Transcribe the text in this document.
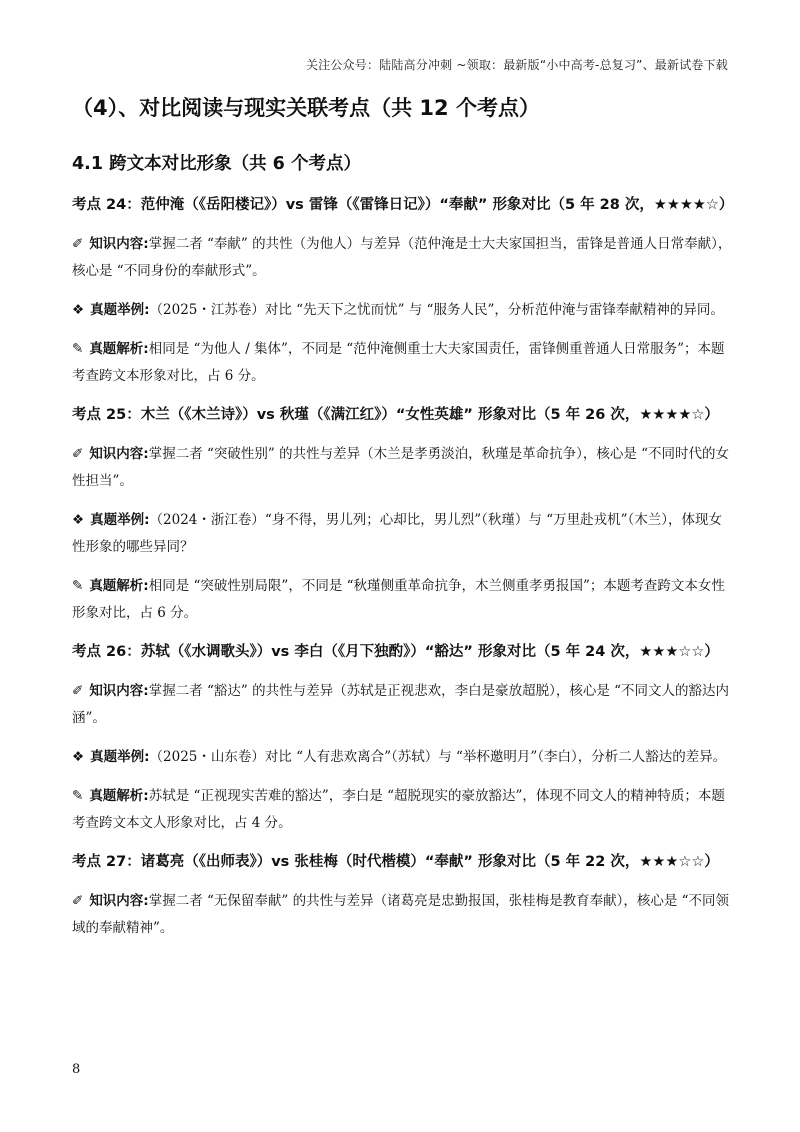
关注公众号：陆陆高分冲刺 ~领取：最新版“小中高考-总复习”、最新试卷下载
（4）、对比阅读与现实关联考点（共 12 个考点）
4.1 跨文本对比形象（共 6 个考点）
考点 24：范仲淹（《岳阳楼记》）vs 雷锋（《雷锋日记》）“奉献” 形象对比（5 年 28 次，★★★★☆）
✐ 知识内容:掌握二者 “奉献” 的共性（为他人）与差异（范仲淹是士大夫家国担当，雷锋是普通人日常奉献），核心是 “不同身份的奉献形式”。
❖ 真题举例:（2025・江苏卷）对比 “先天下之忧而忧” 与 “服务人民”，分析范仲淹与雷锋奉献精神的异同。
✎ 真题解析:相同是 “为他人 / 集体”，不同是 “范仲淹侧重士大夫家国责任，雷锋侧重普通人日常服务”；本题考查跨文本形象对比，占 6 分。
考点 25：木兰（《木兰诗》）vs 秋瑾（《满江红》）“女性英雄” 形象对比（5 年 26 次，★★★★☆）
✐ 知识内容:掌握二者 “突破性别” 的共性与差异（木兰是孝勇淡泊，秋瑾是革命抗争），核心是 “不同时代的女性担当”。
❖ 真题举例:（2024・浙江卷）“身不得，男儿列；心却比，男儿烈”（秋瑾）与 “万里赴戎机”（木兰），体现女性形象的哪些异同？
✎ 真题解析:相同是 “突破性别局限”，不同是 “秋瑾侧重革命抗争，木兰侧重孝勇报国”；本题考查跨文本女性形象对比，占 6 分。
考点 26：苏轼（《水调歌头》）vs 李白（《月下独酌》）“豁达” 形象对比（5 年 24 次，★★★☆☆）
✐ 知识内容:掌握二者 “豁达” 的共性与差异（苏轼是正视悲欢，李白是豪放超脱），核心是 “不同文人的豁达内涵”。
❖ 真题举例:（2025・山东卷）对比 “人有悲欢离合”（苏轼）与 “举杯邀明月”（李白），分析二人豁达的差异。
✎ 真题解析:苏轼是 “正视现实苦难的豁达”，李白是 “超脱现实的豪放豁达”，体现不同文人的精神特质；本题考查跨文本文人形象对比，占 4 分。
考点 27：诸葛亮（《出师表》）vs 张桂梅（时代楷模）“奉献” 形象对比（5 年 22 次，★★★☆☆）
✐ 知识内容:掌握二者 “无保留奉献” 的共性与差异（诸葛亮是忠勤报国，张桂梅是教育奉献），核心是 “不同领域的奉献精神”。
8
